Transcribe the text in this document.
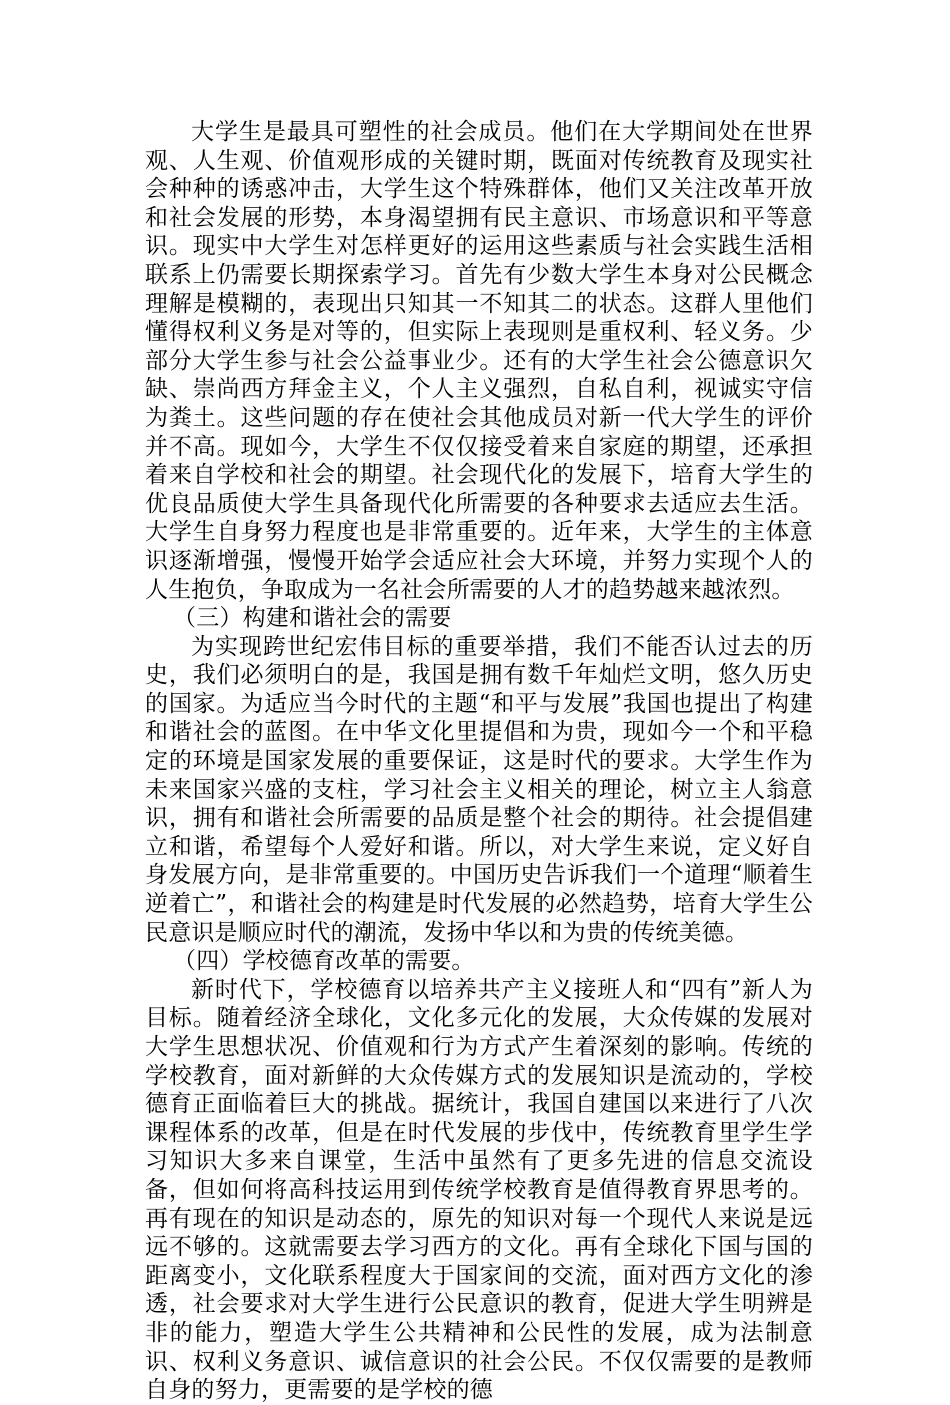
大学生是最具可塑性的社会成员。他们在大学期间处在世界观、人生观、价值观形成的关键时期，既面对传统教育及现实社会种种的诱惑冲击，大学生这个特殊群体，他们又关注改革开放和社会发展的形势，本身渴望拥有民主意识、市场意识和平等意识。现实中大学生对怎样更好的运用这些素质与社会实践生活相联系上仍需要长期探索学习。首先有少数大学生本身对公民概念理解是模糊的，表现出只知其一不知其二的状态。这群人里他们懂得权利义务是对等的，但实际上表现则是重权利、轻义务。少部分大学生参与社会公益事业少。还有的大学生社会公德意识欠缺、崇尚西方拜金主义，个人主义强烈，自私自利，视诚实守信为粪土。这些问题的存在使社会其他成员对新一代大学生的评价并不高。现如今，大学生不仅仅接受着来自家庭的期望，还承担着来自学校和社会的期望。社会现代化的发展下，培育大学生的优良品质使大学生具备现代化所需要的各种要求去适应去生活。大学生自身努力程度也是非常重要的。近年来，大学生的主体意识逐渐增强，慢慢开始学会适应社会大环境，并努力实现个人的人生抱负，争取成为一名社会所需要的人才的趋势越来越浓烈。

（三）构建和谐社会的需要

为实现跨世纪宏伟目标的重要举措，我们不能否认过去的历史，我们必须明白的是，我国是拥有数千年灿烂文明，悠久历史的国家。为适应当今时代的主题“和平与发展”我国也提出了构建和谐社会的蓝图。在中华文化里提倡和为贵，现如今一个和平稳定的环境是国家发展的重要保证，这是时代的要求。大学生作为未来国家兴盛的支柱，学习社会主义相关的理论，树立主人翁意识，拥有和谐社会所需要的品质是整个社会的期待。社会提倡建立和谐，希望每个人爱好和谐。所以，对大学生来说，定义好自身发展方向，是非常重要的。中国历史告诉我们一个道理“顺着生逆着亡”，和谐社会的构建是时代发展的必然趋势，培育大学生公民意识是顺应时代的潮流，发扬中华以和为贵的传统美德。

（四）学校德育改革的需要。

新时代下，学校德育以培养共产主义接班人和“四有”新人为目标。随着经济全球化，文化多元化的发展，大众传媒的发展对大学生思想状况、价值观和行为方式产生着深刻的影响。传统的学校教育，面对新鲜的大众传媒方式的发展知识是流动的，学校德育正面临着巨大的挑战。据统计，我国自建国以来进行了八次课程体系的改革，但是在时代发展的步伐中，传统教育里学生学习知识大多来自课堂，生活中虽然有了更多先进的信息交流设备，但如何将高科技运用到传统学校教育是值得教育界思考的。再有现在的知识是动态的，原先的知识对每一个现代人来说是远远不够的。这就需要去学习西方的文化。再有全球化下国与国的距离变小，文化联系程度大于国家间的交流，面对西方文化的渗透，社会要求对大学生进行公民意识的教育，促进大学生明辨是非的能力，塑造大学生公共精神和公民性的发展，成为法制意识、权利义务意识、诚信意识的社会公民。不仅仅需要的是教师自身的努力，更需要的是学校的德
